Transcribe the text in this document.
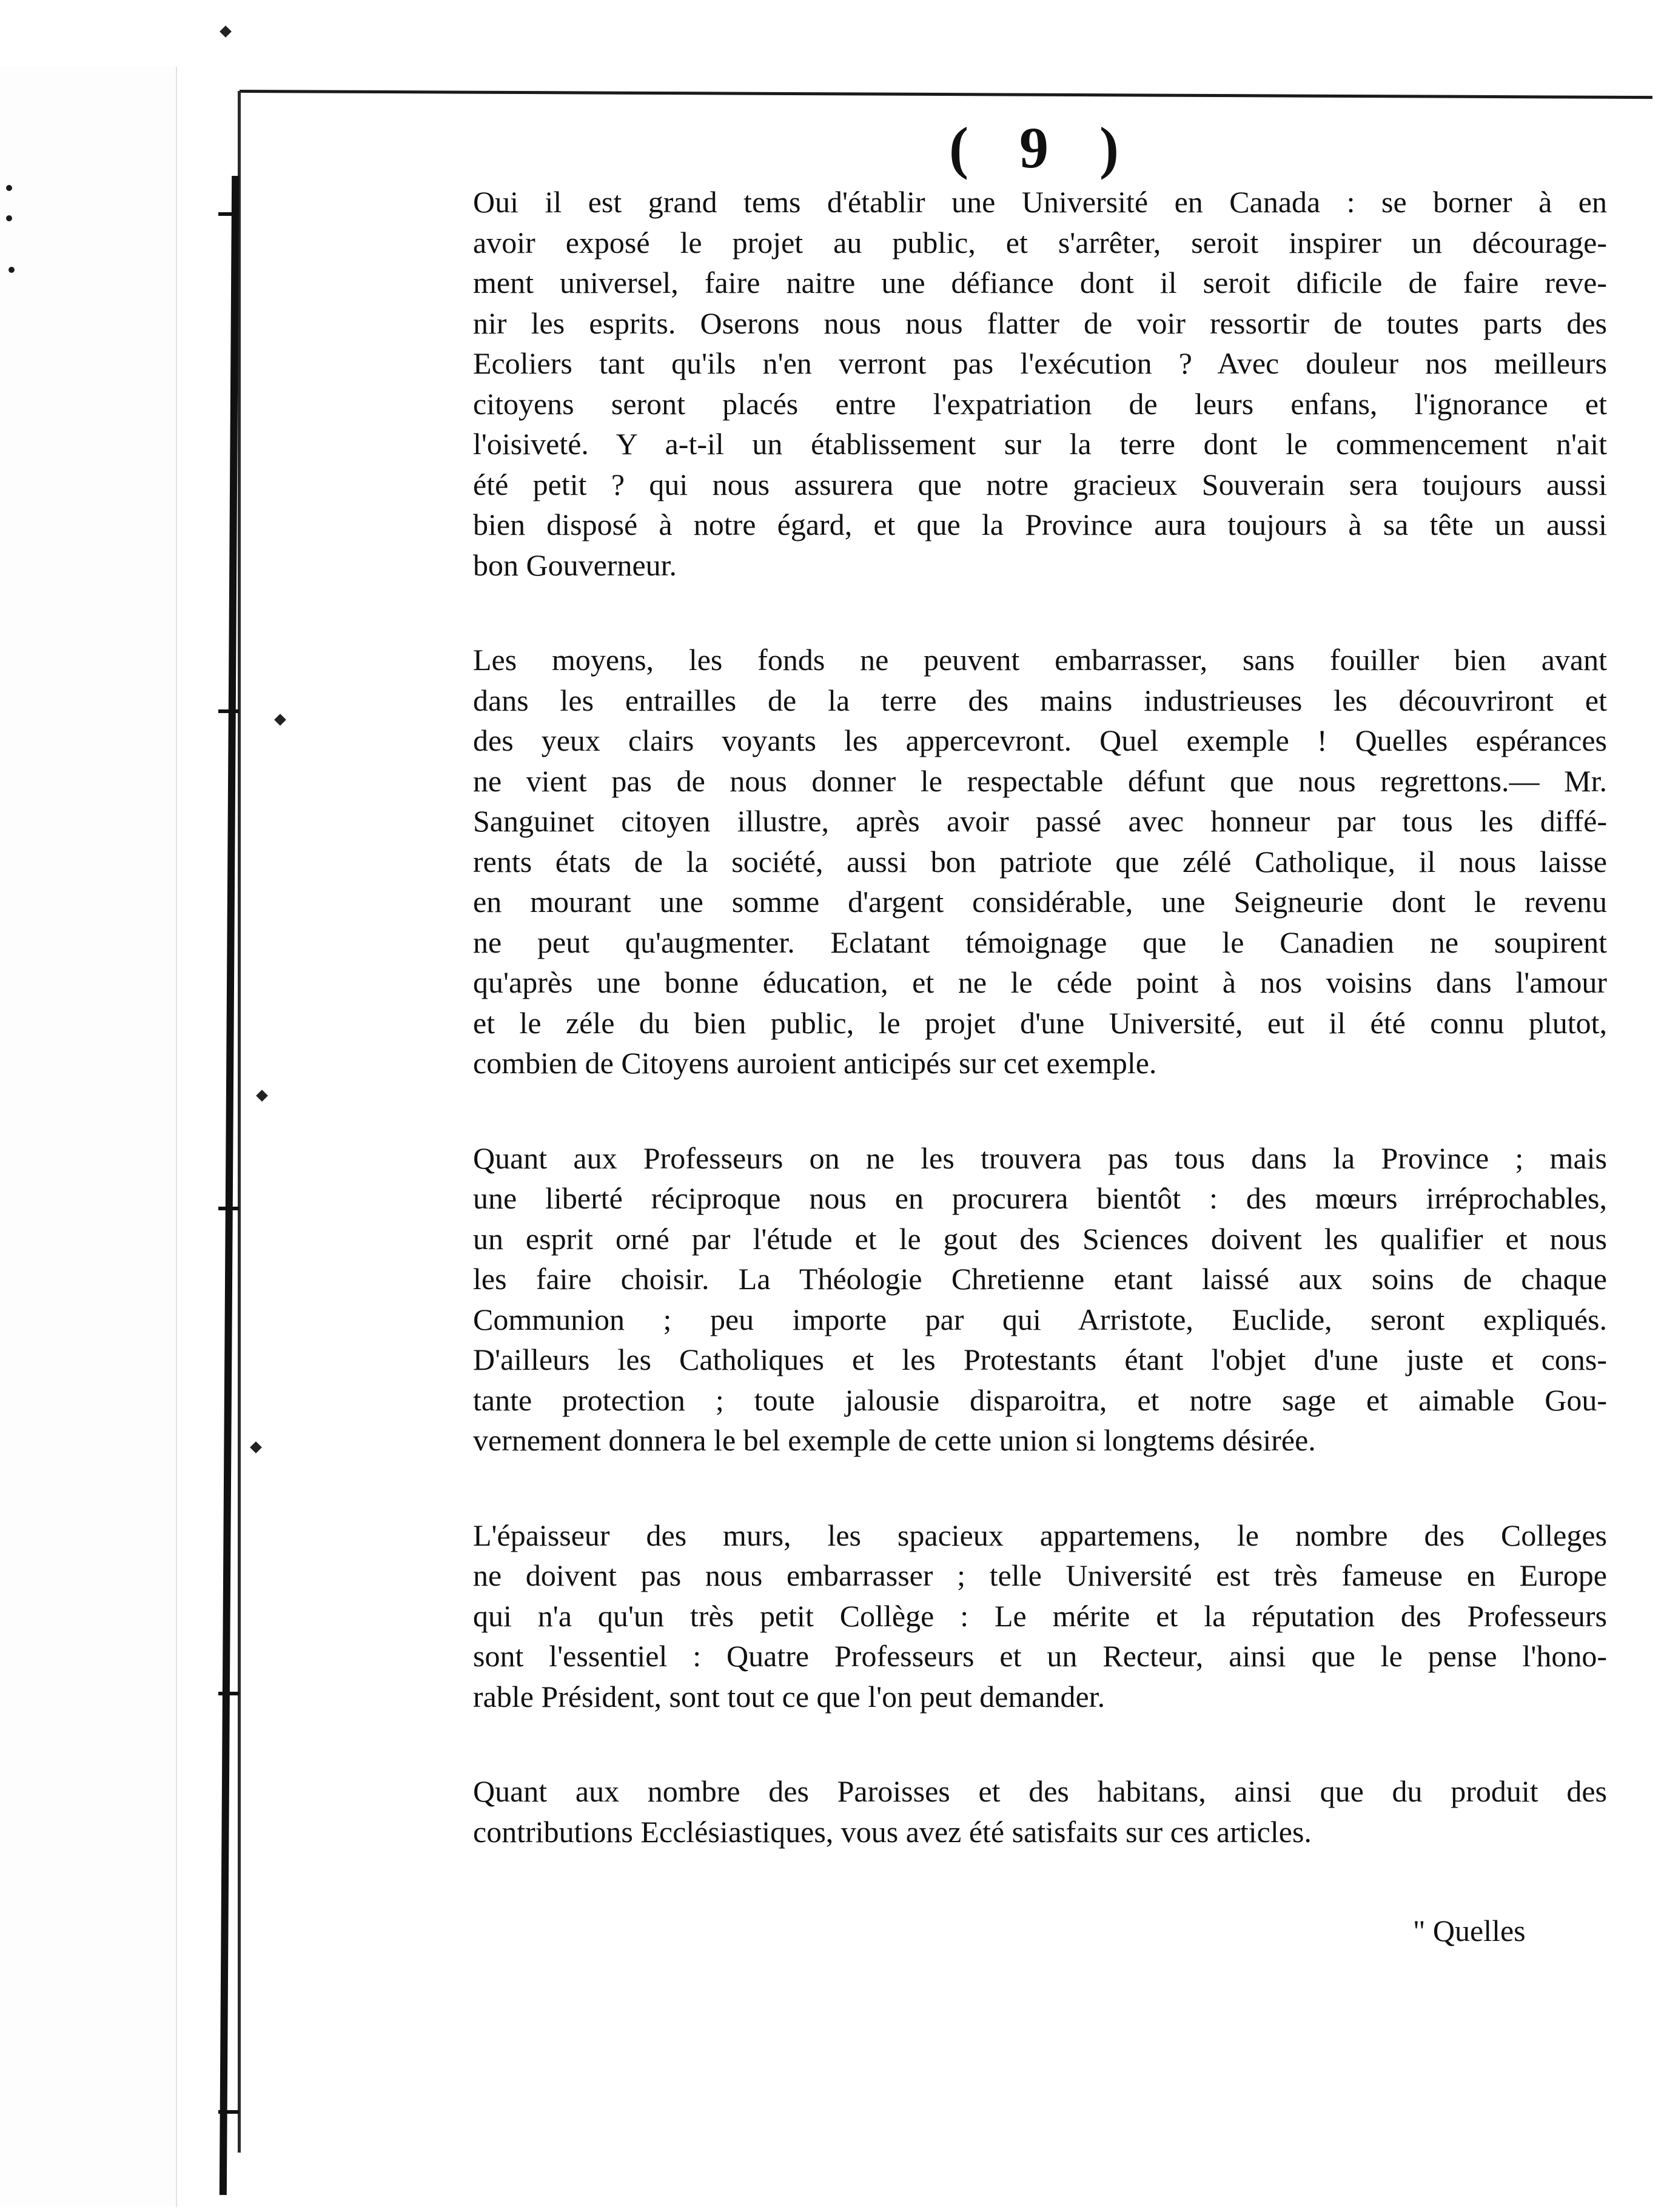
( 9 )
Oui il est grand tems d'établir une Université en Canada : se borner à en
avoir exposé le projet au public, et s'arrêter, seroit inspirer un décourage-
ment universel, faire naitre une défiance dont il seroit dificile de faire reve-
nir les esprits. Oserons nous nous flatter de voir ressortir de toutes parts des
Ecoliers tant qu'ils n'en verront pas l'exécution ? Avec douleur nos meilleurs
citoyens seront placés entre l'expatriation de leurs enfans, l'ignorance et
l'oisiveté. Y a-t-il un établissement sur la terre dont le commencement n'ait
été petit ? qui nous assurera que notre gracieux Souverain sera toujours aussi
bien disposé à notre égard, et que la Province aura toujours à sa tête un aussi
bon Gouverneur.
Les moyens, les fonds ne peuvent embarrasser, sans fouiller bien avant
dans les entrailles de la terre des mains industrieuses les découvriront et
des yeux clairs voyants les appercevront. Quel exemple ! Quelles espérances
ne vient pas de nous donner le respectable défunt que nous regrettons.— Mr.
Sanguinet citoyen illustre, après avoir passé avec honneur par tous les diffé-
rents états de la société, aussi bon patriote que zélé Catholique, il nous laisse
en mourant une somme d'argent considérable, une Seigneurie dont le revenu
ne peut qu'augmenter. Eclatant témoignage que le Canadien ne soupirent
qu'après une bonne éducation, et ne le céde point à nos voisins dans l'amour
et le zéle du bien public, le projet d'une Université, eut il été connu plutot,
combien de Citoyens auroient anticipés sur cet exemple.
Quant aux Professeurs on ne les trouvera pas tous dans la Province ; mais
une liberté réciproque nous en procurera bientôt : des mœurs irréprochables,
un esprit orné par l'étude et le gout des Sciences doivent les qualifier et nous
les faire choisir. La Théologie Chretienne etant laissé aux soins de chaque
Communion ; peu importe par qui Arristote, Euclide, seront expliqués.
D'ailleurs les Catholiques et les Protestants étant l'objet d'une juste et cons-
tante protection ; toute jalousie disparoitra, et notre sage et aimable Gou-
vernement donnera le bel exemple de cette union si longtems désirée.
L'épaisseur des murs, les spacieux appartemens, le nombre des Colleges
ne doivent pas nous embarrasser ; telle Université est très fameuse en Europe
qui n'a qu'un très petit Collège : Le mérite et la réputation des Professeurs
sont l'essentiel : Quatre Professeurs et un Recteur, ainsi que le pense l'hono-
rable Président, sont tout ce que l'on peut demander.
Quant aux nombre des Paroisses et des habitans, ainsi que du produit des
contributions Ecclésiastiques, vous avez été satisfaits sur ces articles.
" Quelles
